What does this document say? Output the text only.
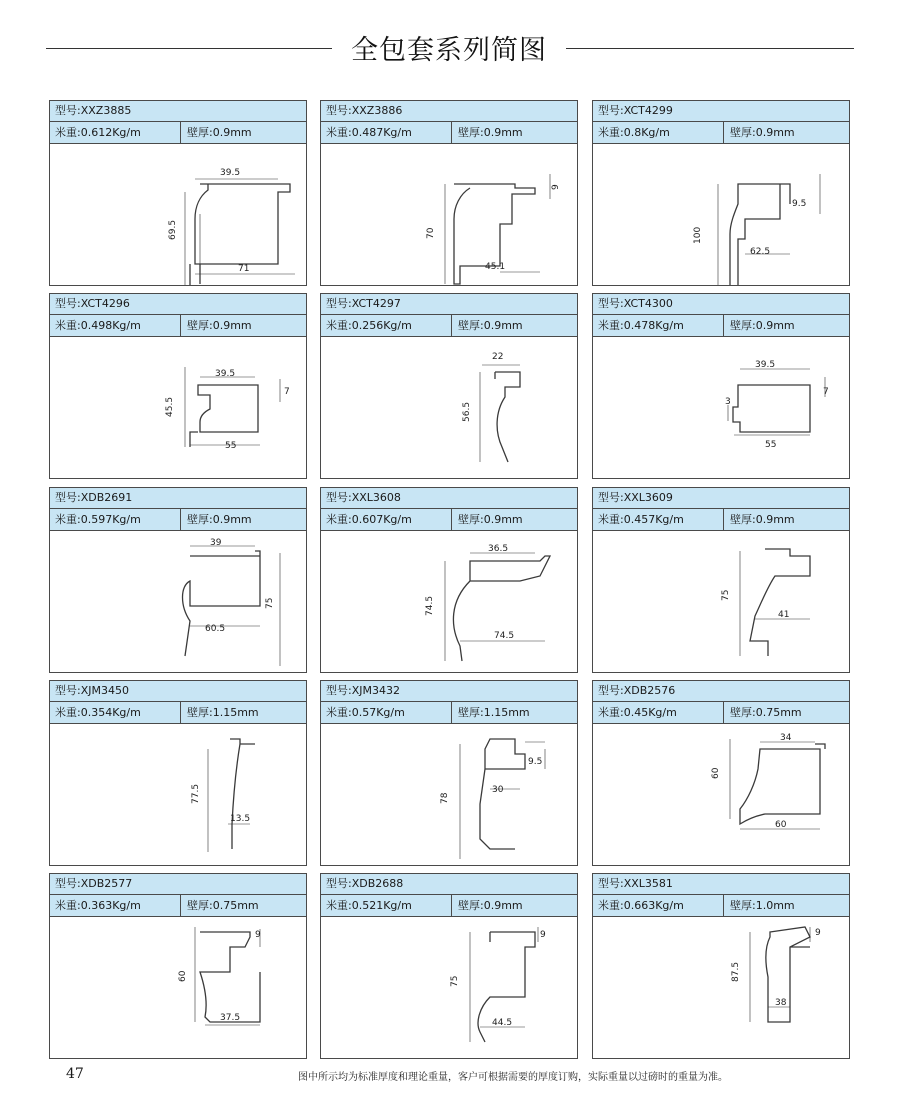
全包套系列简图
型号:XXZ3885
米重:0.612Kg/m	壁厚:0.9mm
39.5
69.5
71
型号:XXZ3886
米重:0.487Kg/m	壁厚:0.9mm
70
9
45.1
型号:XCT4299
米重:0.8Kg/m	壁厚:0.9mm
100
9.5
62.5
型号:XCT4296
米重:0.498Kg/m	壁厚:0.9mm
39.5
45.5
7
55
型号:XCT4297
米重:0.256Kg/m	壁厚:0.9mm
22
56.5
型号:XCT4300
米重:0.478Kg/m	壁厚:0.9mm
39.5
7
3
55
型号:XDB2691
米重:0.597Kg/m	壁厚:0.9mm
39
75
60.5
型号:XXL3608
米重:0.607Kg/m	壁厚:0.9mm
36.5
74.5
74.5
型号:XXL3609
米重:0.457Kg/m	壁厚:0.9mm
75
41
型号:XJM3450
米重:0.354Kg/m	壁厚:1.15mm
77.5
13.5
型号:XJM3432
米重:0.57Kg/m	壁厚:1.15mm
9.5
78
30
型号:XDB2576
米重:0.45Kg/m	壁厚:0.75mm
34
60
60
型号:XDB2577
米重:0.363Kg/m	壁厚:0.75mm
9
60
37.5
型号:XDB2688
米重:0.521Kg/m	壁厚:0.9mm
9
75
44.5
型号:XXL3581
米重:0.663Kg/m	壁厚:1.0mm
9
87.5
38
47	图中所示均为标准厚度和理论重量，客户可根据需要的厚度订购，实际重量以过磅时的重量为准。
